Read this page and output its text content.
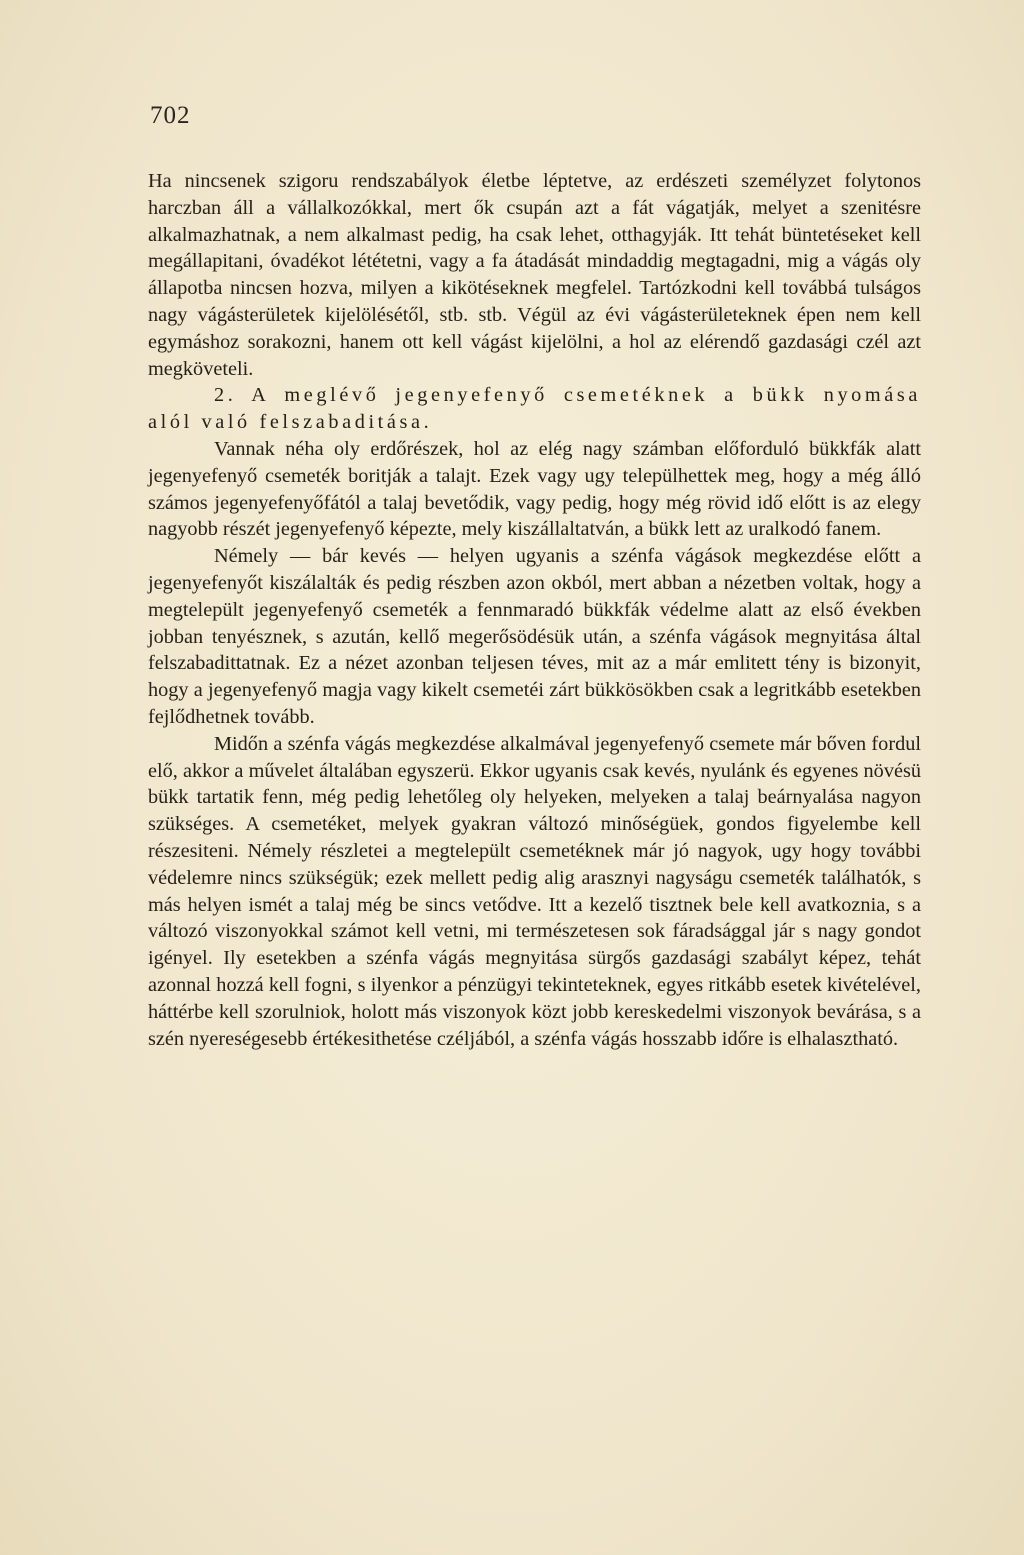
702

Ha nincsenek szigoru rendszabályok életbe léptetve, az erdészeti személyzet folytonos harczban áll a vállalkozókkal, mert ők csupán azt a fát vágatják, melyet a szenitésre alkalmazhatnak, a nem alkalmast pedig, ha csak lehet, otthagyják. Itt tehát büntetéseket kell megállapitani, óvadékot lététetni, vagy a fa átadását mindaddig megtagadni, mig a vágás oly állapotba nincsen hozva, milyen a kikötéseknek megfelel. Tartózkodni kell továbbá tulságos nagy vágásterületek kijelölésétől, stb. stb. Végül az évi vágásterületeknek épen nem kell egymáshoz sorakozni, hanem ott kell vágást kijelölni, a hol az elérendő gazdasági czél azt megköveteli.

2. A meglévő jegenyefenyő csemetéknek a bükk nyomása alól való felszabaditása.

Vannak néha oly erdőrészek, hol az elég nagy számban előforduló bükkfák alatt jegenyefenyő csemeték boritják a talajt. Ezek vagy ugy települhettek meg, hogy a még álló számos jegenyefenyőfától a talaj bevetődik, vagy pedig, hogy még rövid idő előtt is az elegy nagyobb részét jegenyefenyő képezte, mely kiszállaltatván, a bükk lett az uralkodó fanem.

Némely — bár kevés — helyen ugyanis a szénfa vágások megkezdése előtt a jegenyefenyőt kiszálalták és pedig részben azon okból, mert abban a nézetben voltak, hogy a megtelepült jegenyefenyő csemeték a fennmaradó bükkfák védelme alatt az első években jobban tenyésznek, s azután, kellő megerősödésük után, a szénfa vágások megnyitása által felszabadittatnak. Ez a nézet azonban teljesen téves, mit az a már emlitett tény is bizonyit, hogy a jegenyefenyő magja vagy kikelt csemetéi zárt bükkösökben csak a legritkább esetekben fejlődhetnek tovább.

Midőn a szénfa vágás megkezdése alkalmával jegenyefenyő csemete már bőven fordul elő, akkor a művelet általában egyszerü. Ekkor ugyanis csak kevés, nyulánk és egyenes növésü bükk tartatik fenn, még pedig lehetőleg oly helyeken, melyeken a talaj beárnyalása nagyon szükséges. A csemetéket, melyek gyakran változó minőségüek, gondos figyelembe kell részesiteni. Némely részletei a megtelepült csemetéknek már jó nagyok, ugy hogy további védelemre nincs szükségük; ezek mellett pedig alig arasznyi nagyságu csemeték találhatók, s más helyen ismét a talaj még be sincs vetődve. Itt a kezelő tisztnek bele kell avatkoznia, s a változó viszonyokkal számot kell vetni, mi természetesen sok fáradsággal jár s nagy gondot igényel. Ily esetekben a szénfa vágás megnyitása sürgős gazdasági szabályt képez, tehát azonnal hozzá kell fogni, s ilyenkor a pénzügyi tekinteteknek, egyes ritkább esetek kivételével, háttérbe kell szorulniok, holott más viszonyok közt jobb kereskedelmi viszonyok bevárása, s a szén nyereségesebb értékesithetése czéljából, a szénfa vágás hosszabb időre is elhalasztható.
